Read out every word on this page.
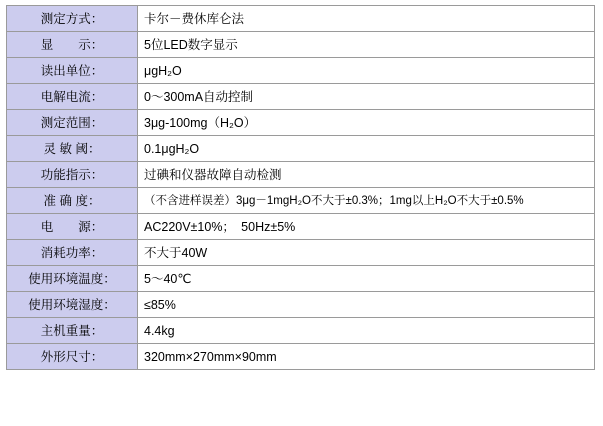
测定方式：	卡尔－费休库仑法
显　　示：	5位LED数字显示
读出单位：	μgH₂O
电解电流：	0～300mA自动控制
测定范围：	3μg-100mg（H₂O）
灵 敏 阈：	0.1μgH₂O
功能指示：	过碘和仪器故障自动检测
准 确 度：	（不含进样误差）3μg－1mgH₂O不大于±0.3%；1mg以上H₂O不大于±0.5%
电　　源：	AC220V±10%；　50Hz±5%
消耗功率：	不大于40W
使用环境温度：	5～40℃
使用环境湿度：	≤85%
主机重量：	4.4kg
外形尺寸：	320mm×270mm×90mm
